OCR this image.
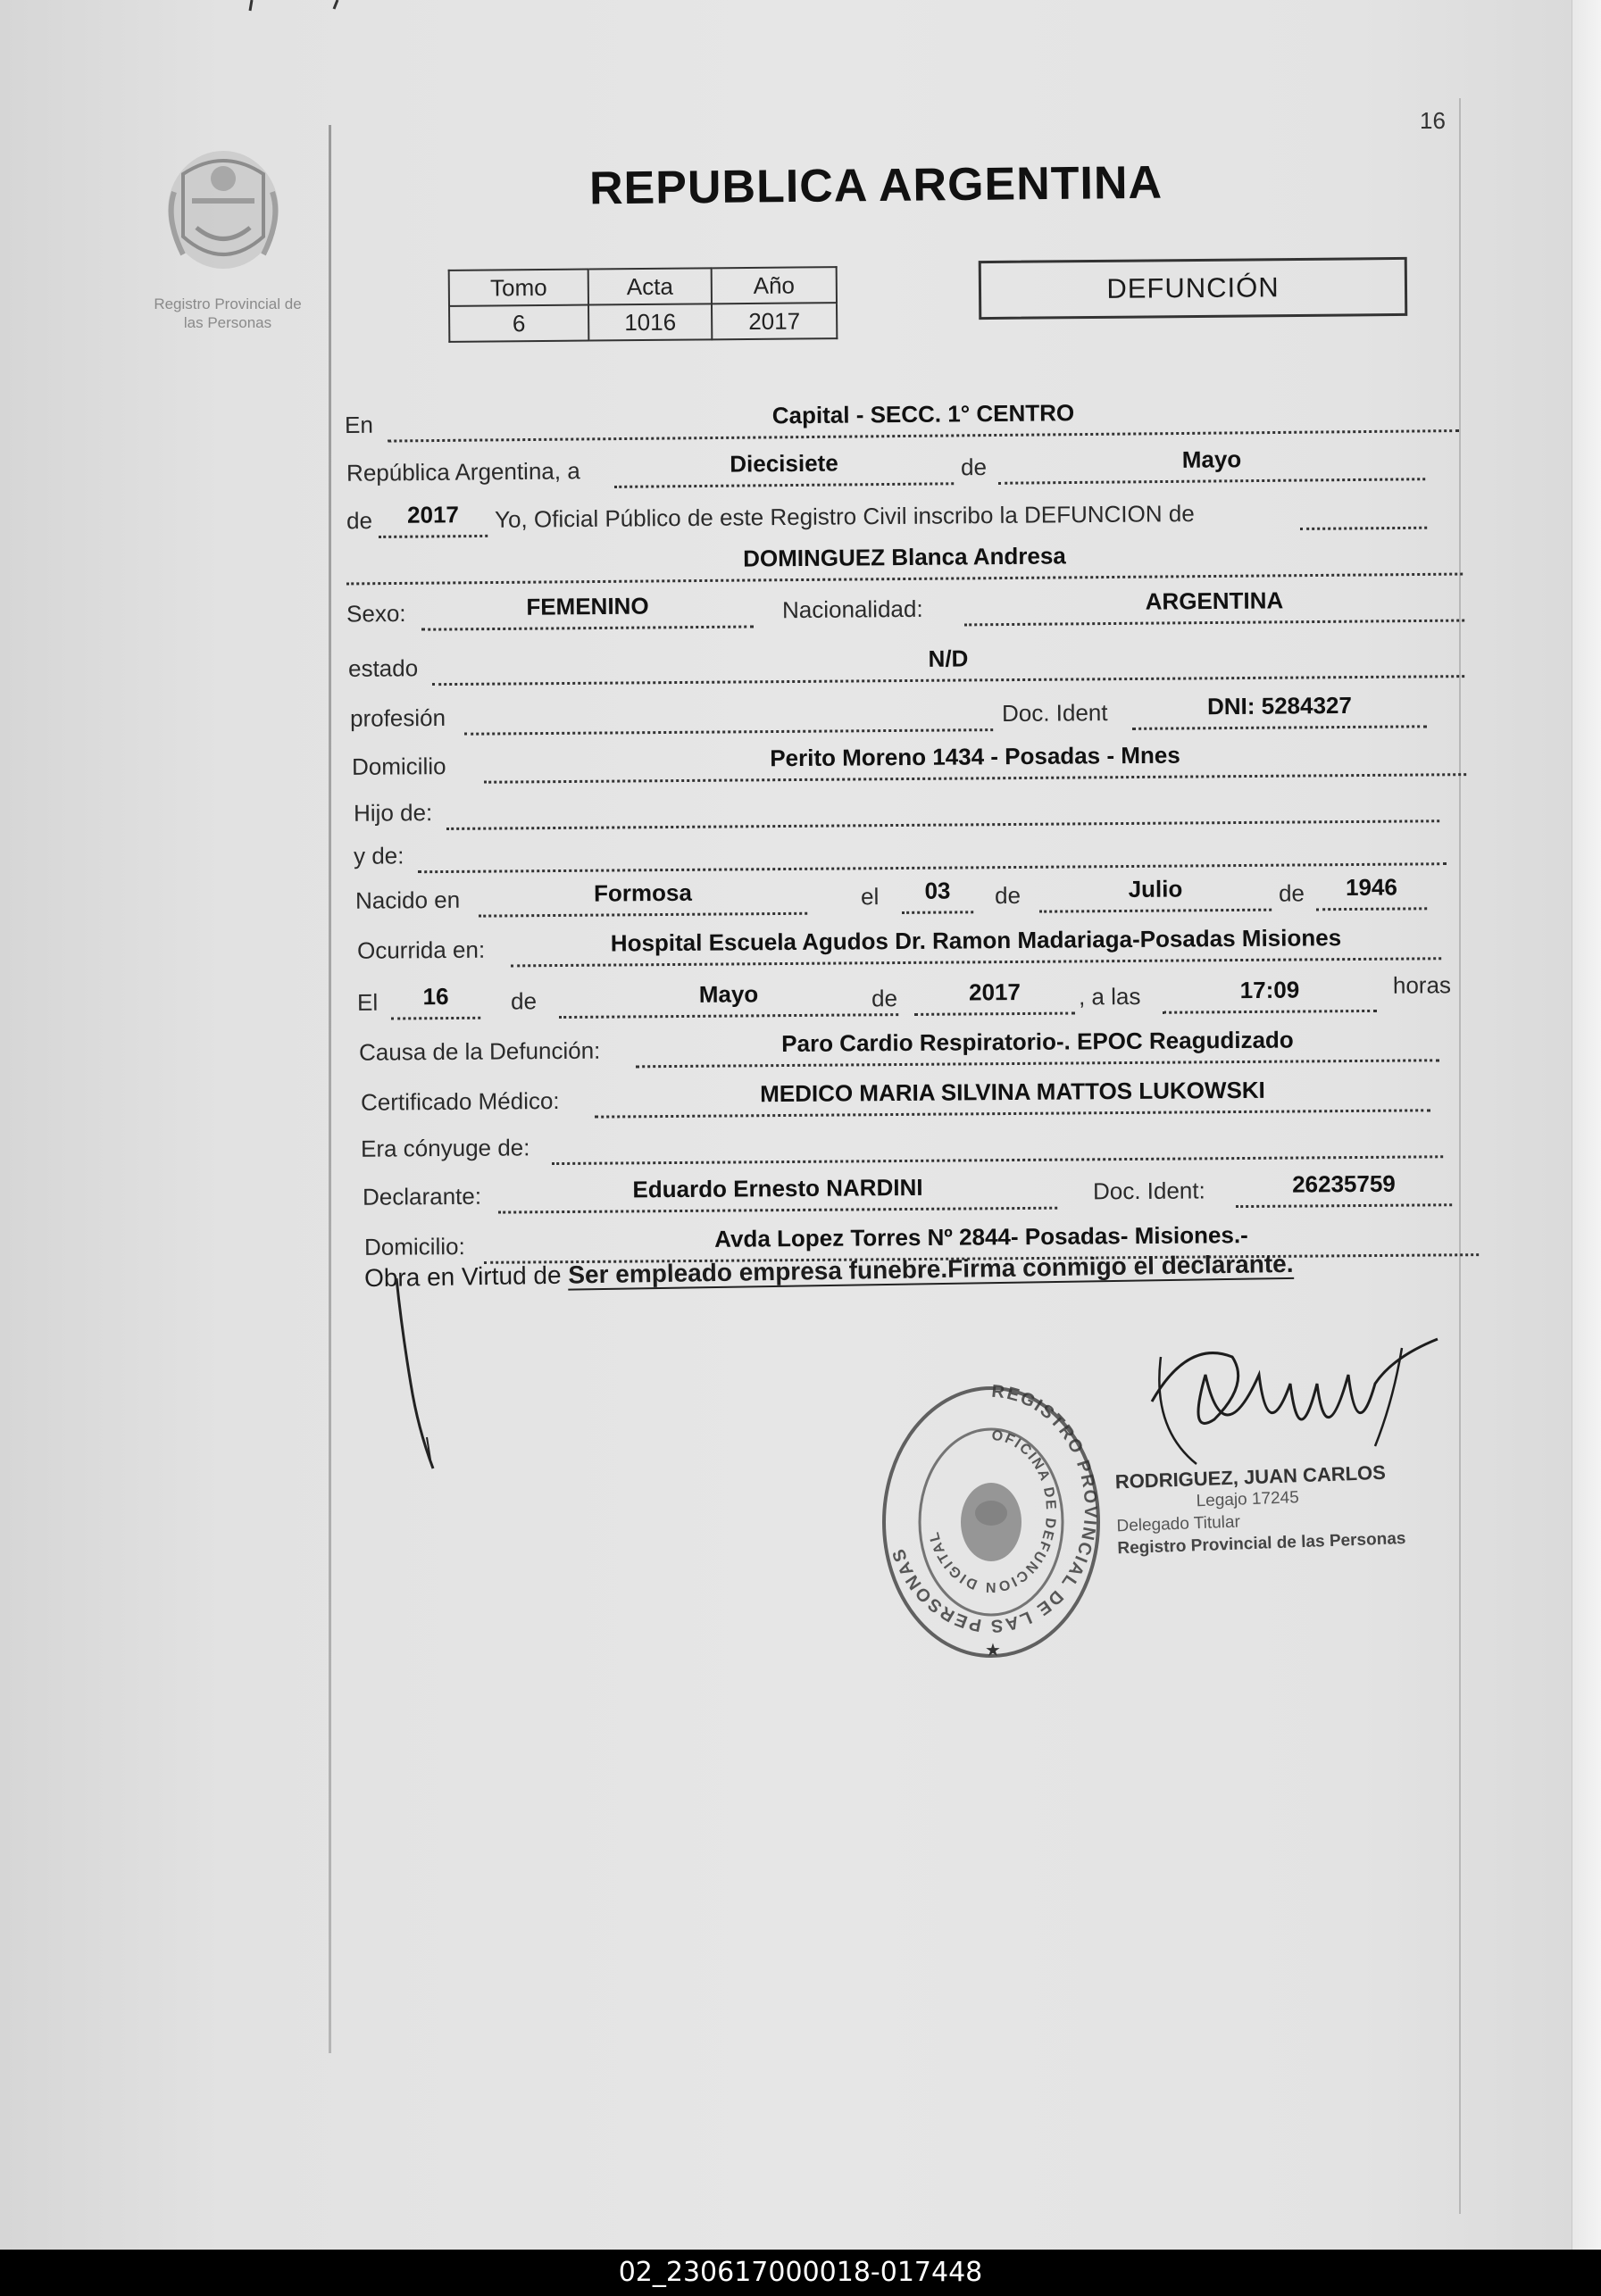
16
Registro Provincial de
las Personas
REPUBLICA ARGENTINA
Tomo	Acta	Año
6	1016	2017
DEFUNCIÓN
En	Capital - SECC. 1° CENTRO
República Argentina, a	Diecisiete	de	Mayo
de	2017	Yo, Oficial Público de este Registro Civil inscribo la DEFUNCION de
DOMINGUEZ Blanca Andresa
Sexo:	FEMENINO	Nacionalidad:	ARGENTINA
estado	N/D
profesión	Doc. Ident	DNI: 5284327
Domicilio	Perito Moreno 1434 - Posadas - Mnes
Hijo de:
y de:
Nacido en	Formosa	el	03	de	Julio	de	1946
Ocurrida en:	Hospital Escuela Agudos Dr. Ramon Madariaga-Posadas Misiones
El	16	de	Mayo	de	2017	, a las	17:09	horas
Causa de la Defunción:	Paro Cardio Respiratorio-. EPOC Reagudizado
Certificado Médico:	MEDICO MARIA SILVINA MATTOS LUKOWSKI
Era cónyuge de:
Declarante:	Eduardo Ernesto NARDINI	Doc. Ident:	26235759
Domicilio:	Avda Lopez Torres Nº 2844- Posadas- Misiones.-
Obra en Virtud de Ser empleado empresa funebre.Firma conmigo el declarante.
REGISTRO PROVINCIAL DE LAS PERSONAS
OFICINA DE DEFUNCION DIGITAL
★
RODRIGUEZ, JUAN CARLOS
Legajo 17245
Delegado Titular
Registro Provincial de las Personas
02_230617000018-017448
